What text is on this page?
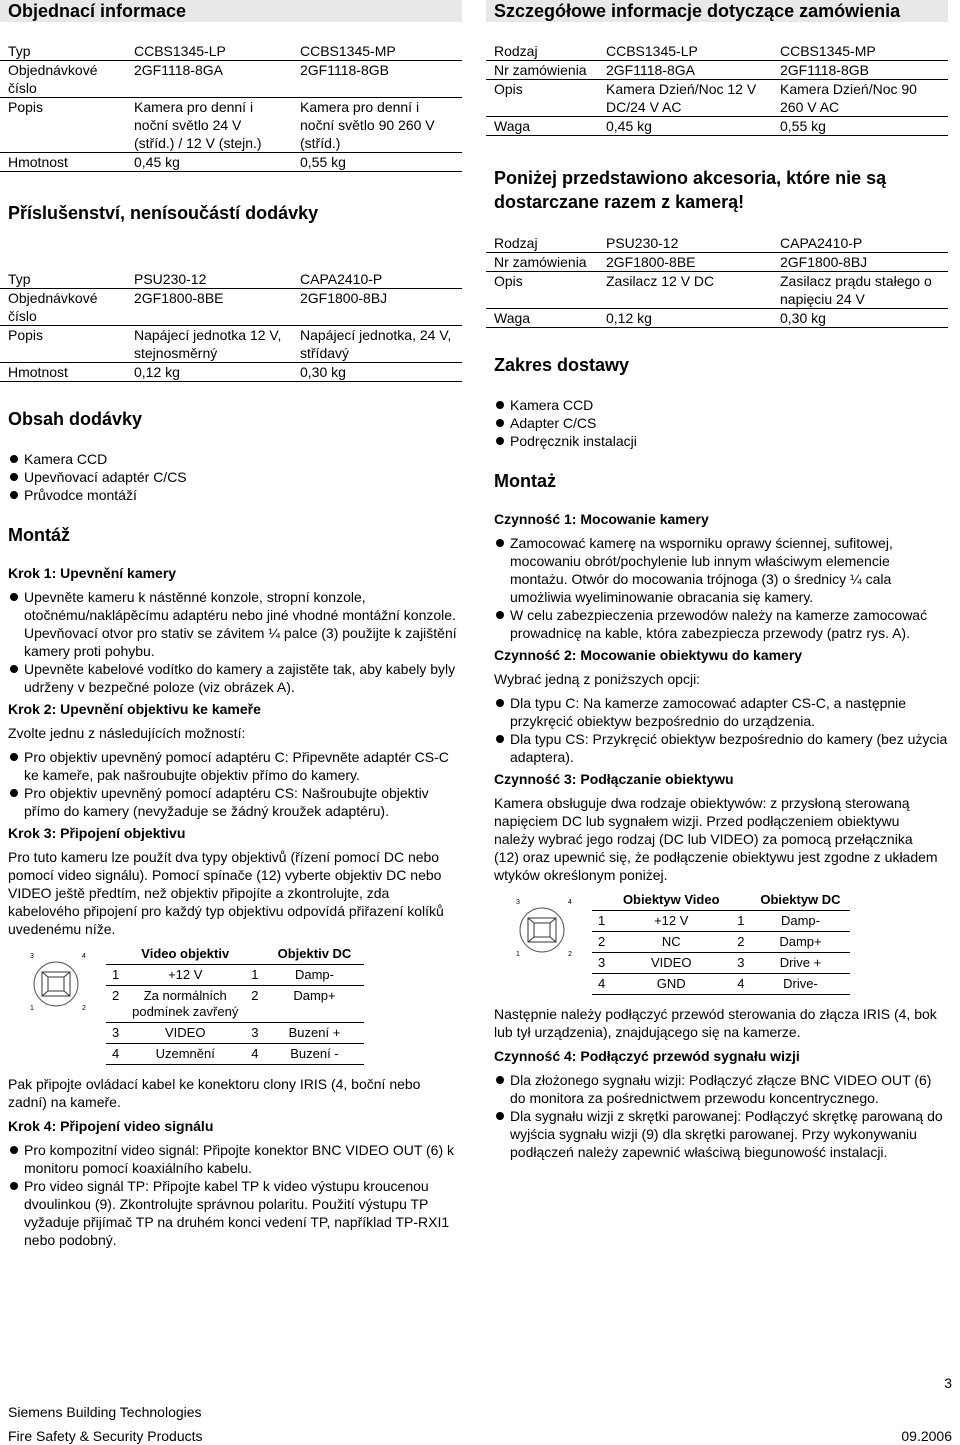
Objednací informace
Typ	CCBS1345-LP	CCBS1345-MP
Objednávkové číslo	2GF1118-8GA	2GF1118-8GB
Popis	Kamera pro denní i noční světlo 24 V (stříd.) / 12 V (stejn.)	Kamera pro denní i noční světlo 90 260 V (stříd.)
Hmotnost	0,45 kg	0,55 kg
Příslušenství, nenísoučástí dodávky
Typ	PSU230-12	CAPA2410-P
Objednávkové číslo	2GF1800-8BE	2GF1800-8BJ
Popis	Napájecí jednotka 12 V, stejnosměrný	Napájecí jednotka, 24 V, střídavý
Hmotnost	0,12 kg	0,30 kg
Obsah dodávky
Kamera CCD
Upevňovací adaptér C/CS
Průvodce montáží
Montáž
Krok 1: Upevnění kamery
Upevněte kameru k nástěnné konzole, stropní konzole, otočnému/naklápěcímu adaptéru nebo jiné vhodné montážní konzole. Upevňovací otvor pro stativ se závitem ¼ palce (3) použijte k zajištění kamery proti pohybu.
Upevněte kabelové vodítko do kamery a zajistěte tak, aby kabely byly udrženy v bezpečné poloze (viz obrázek A).
Krok 2: Upevnění objektivu ke kameře
Zvolte jednu z následujících možností:
Pro objektiv upevněný pomocí adaptéru C: Připevněte adaptér CS-C ke kameře, pak našroubujte objektiv přímo do kamery.
Pro objektiv upevněný pomocí adaptéru CS: Našroubujte objektiv přímo do kamery (nevyžaduje se žádný kroužek adaptéru).
Krok 3: Připojení objektivu
Pro tuto kameru lze použít dva typy objektivů (řízení pomocí DC nebo pomocí video signálu). Pomocí spínače (12) vyberte objektiv DC nebo VIDEO ještě předtím, než objektiv připojíte a zkontrolujte, zda kabelového připojení pro každý typ objektivu odpovídá přiřazení kolíků uvedenému níže.
3	4
1	2
	Video objektiv		Objektiv DC
1	+12 V	1	Damp-
2	Za normálních podmínek zavřený	2	Damp+
3	VIDEO	3	Buzení +
4	Uzemnění	4	Buzení -
Pak připojte ovládací kabel ke konektoru clony IRIS (4, boční nebo zadní) na kameře.
Krok 4: Připojení video signálu
Pro kompozitní video signál: Připojte konektor BNC VIDEO OUT (6) k monitoru pomocí koaxiálního kabelu.
Pro video signál TP: Připojte kabel TP k video výstupu kroucenou dvoulinkou (9). Zkontrolujte správnou polaritu. Použití výstupu TP vyžaduje přijímač TP na druhém konci vedení TP, například TP-RXI1 nebo podobný.
Szczegółowe informacje dotyczące zamówienia
Rodzaj	CCBS1345-LP	CCBS1345-MP
Nr zamówienia	2GF1118-8GA	2GF1118-8GB
Opis	Kamera Dzień/Noc 12 V DC/24 V AC	Kamera Dzień/Noc 90 260 V AC
Waga	0,45 kg	0,55 kg
Poniżej przedstawiono akcesoria, które nie są dostarczane razem z kamerą!
Rodzaj	PSU230-12	CAPA2410-P
Nr zamówienia	2GF1800-8BE	2GF1800-8BJ
Opis	Zasilacz 12 V DC	Zasilacz prądu stałego o napięciu 24 V
Waga	0,12 kg	0,30 kg
Zakres dostawy
Kamera CCD
Adapter C/CS
Podręcznik instalacji
Montaż
Czynność 1: Mocowanie kamery
Zamocować kamerę na wsporniku oprawy ściennej, sufitowej, mocowaniu obrót/pochylenie lub innym właściwym elemencie montażu. Otwór do mocowania trójnoga (3) o średnicy ¼ cala umożliwia wyeliminowanie obracania się kamery.
W celu zabezpieczenia przewodów należy na kamerze zamocować prowadnicę na kable, która zabezpiecza przewody (patrz rys. A).
Czynność 2: Mocowanie obiektywu do kamery
Wybrać jedną z poniższych opcji:
Dla typu C: Na kamerze zamocować adapter CS-C, a następnie przykręcić obiektyw bezpośrednio do urządzenia.
Dla typu CS: Przykręcić obiektyw bezpośrednio do kamery (bez użycia adaptera).
Czynność 3: Podłączanie obiektywu
Kamera obsługuje dwa rodzaje obiektywów: z przysłoną sterowaną napięciem DC lub sygnałem wizji. Przed podłączeniem obiektywu należy wybrać jego rodzaj (DC lub VIDEO) za pomocą przełącznika (12) oraz upewnić się, że podłączenie obiektywu jest zgodne z układem wtyków określonym poniżej.
3	4
1	2
	Obiektyw Video		Obiektyw DC
1	+12 V	1	Damp-
2	NC	2	Damp+
3	VIDEO	3	Drive +
4	GND	4	Drive-
Następnie należy podłączyć przewód sterowania do złącza IRIS (4, bok lub tył urządzenia), znajdującego się na kamerze.
Czynność 4: Podłączyć przewód sygnału wizji
Dla złożonego sygnału wizji: Podłączyć złącze BNC VIDEO OUT (6) do monitora za pośrednictwem przewodu koncentrycznego.
Dla sygnału wizji z skrętki parowanej: Podłączyć skrętkę parowaną do wyjścia sygnału wizji (9) dla skrętki parowanej. Przy wykonywaniu podłączeń należy zapewnić właściwą biegunowość instalacji.
3
Siemens Building Technologies
Fire Safety & Security Products	09.2006
